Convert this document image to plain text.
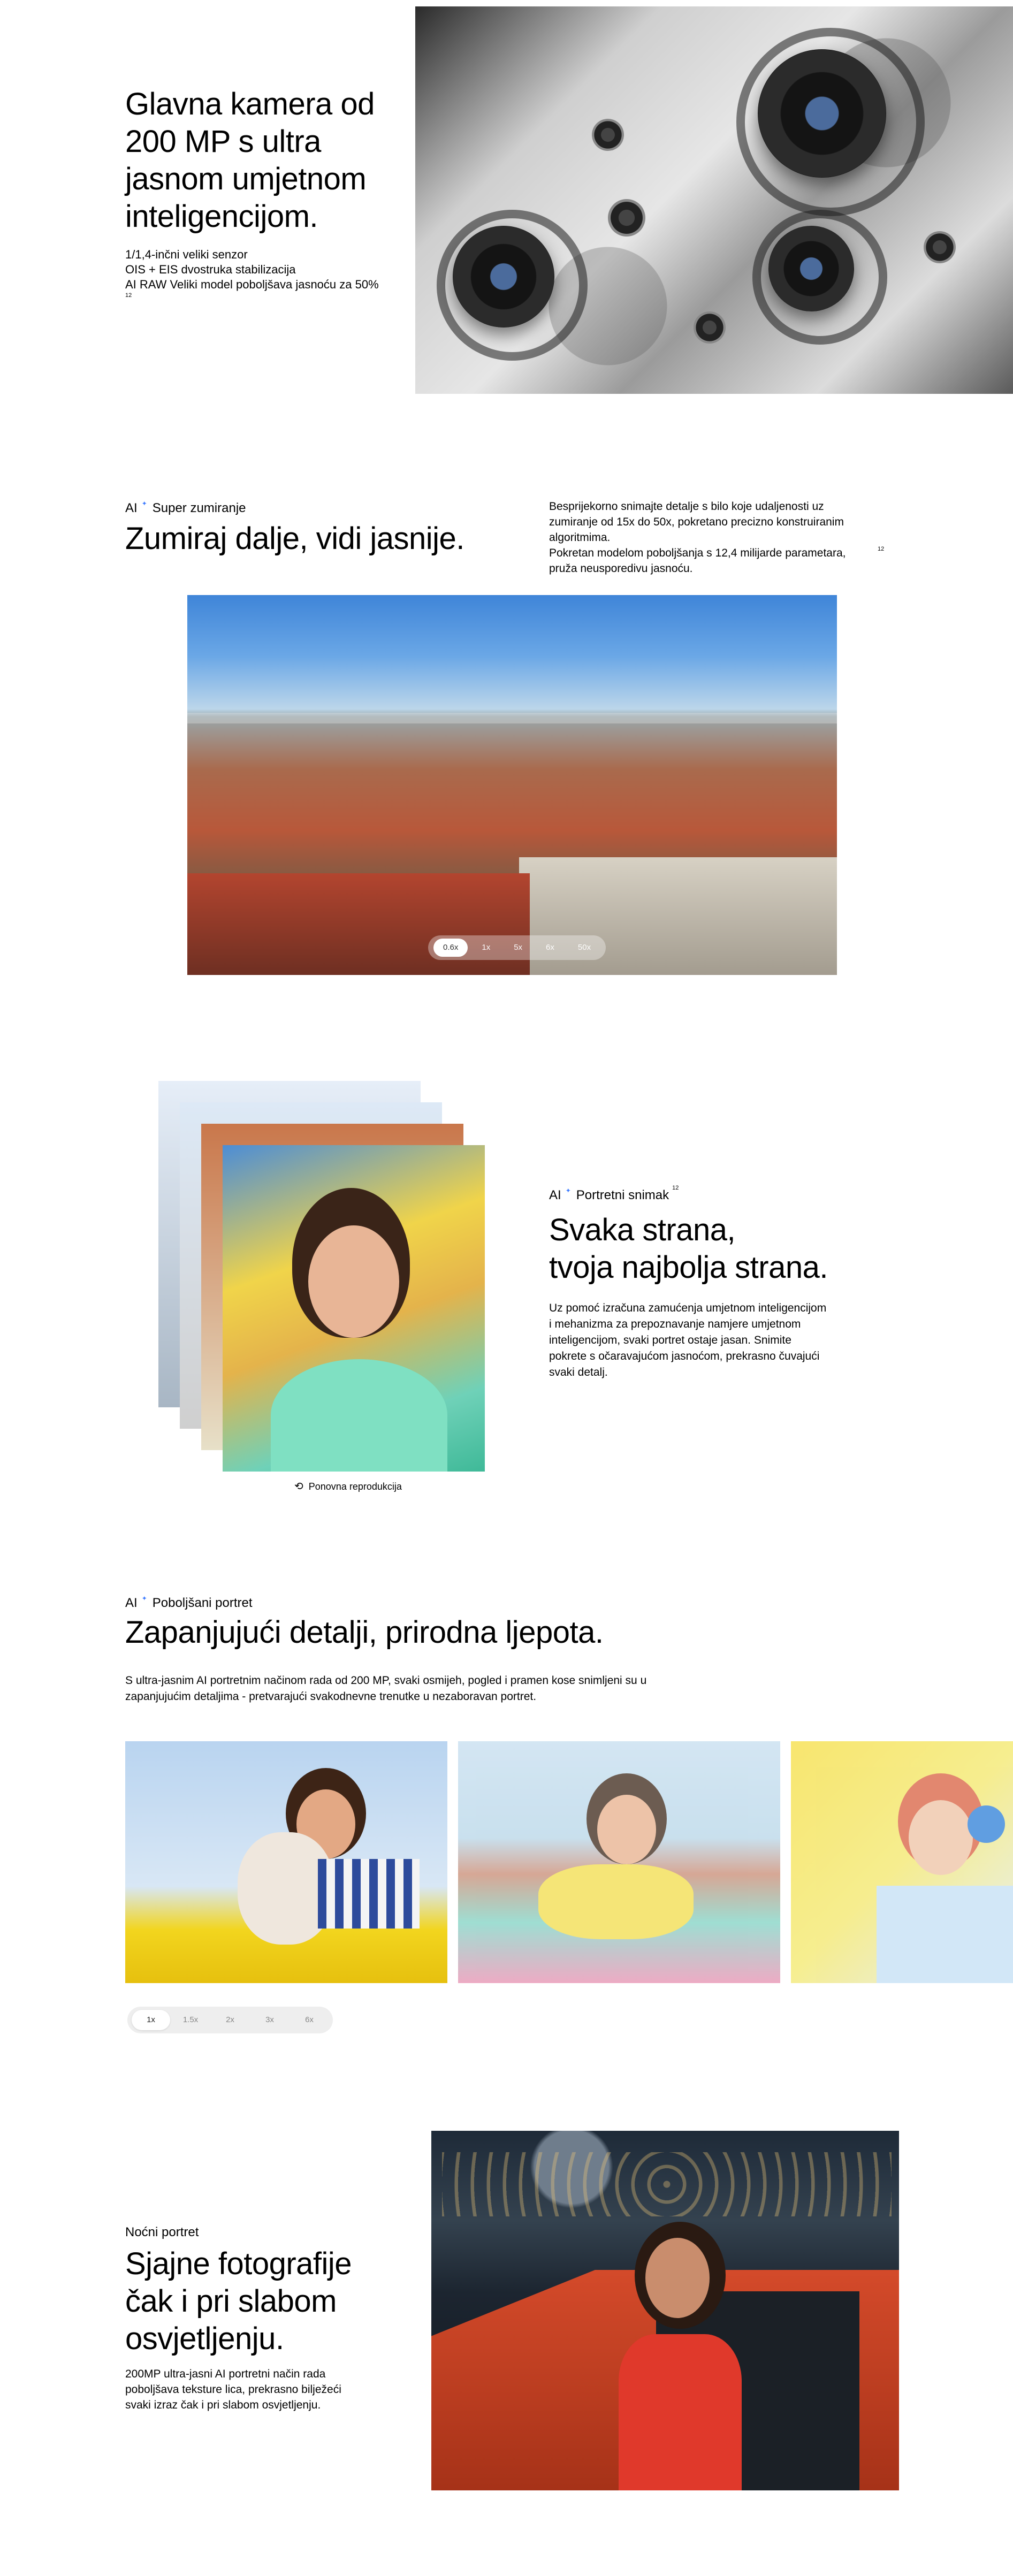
Glavna kamera od
200 MP s ultra
jasnom umjetnom
inteligencijom.
1/1,4-inčni veliki senzor
OIS + EIS dvostruka stabilizacija
AI RAW Veliki model poboljšava jasnoću za 50%
12
AI ✦ Super zumiranje
Zumiraj dalje, vidi jasnije.
Besprijekorno snimajte detalje s bilo koje udaljenosti uz
zumiranje od 15x do 50x, pokretano precizno konstruiranim
algoritmima.
Pokretan modelom poboljšanja s 12,4 milijarde parametara,
pruža neusporedivu jasnoću.
12
0.6x	1x	5x	6x	50x
⟲ Ponovna reprodukcija
AI ✦ Portretni snimak 12
Svaka strana,
tvoja najbolja strana.
Uz pomoć izračuna zamućenja umjetnom inteligencijom
i mehanizma za prepoznavanje namjere umjetnom
inteligencijom, svaki portret ostaje jasan. Snimite
pokrete s očaravajućom jasnoćom, prekrasno čuvajući
svaki detalj.
AI ✦ Poboljšani portret
Zapanjujući detalji, prirodna ljepota.
S ultra-jasnim AI portretnim načinom rada od 200 MP, svaki osmijeh, pogled i pramen kose snimljeni su u
zapanjujućim detaljima - pretvarajući svakodnevne trenutke u nezaboravan portret.
1x	1.5x	2x	3x	6x
Noćni portret
Sjajne fotografije
čak i pri slabom
osvjetljenju.
200MP ultra-jasni AI portretni način rada
poboljšava teksture lica, prekrasno bilježeći
svaki izraz čak i pri slabom osvjetljenju.
